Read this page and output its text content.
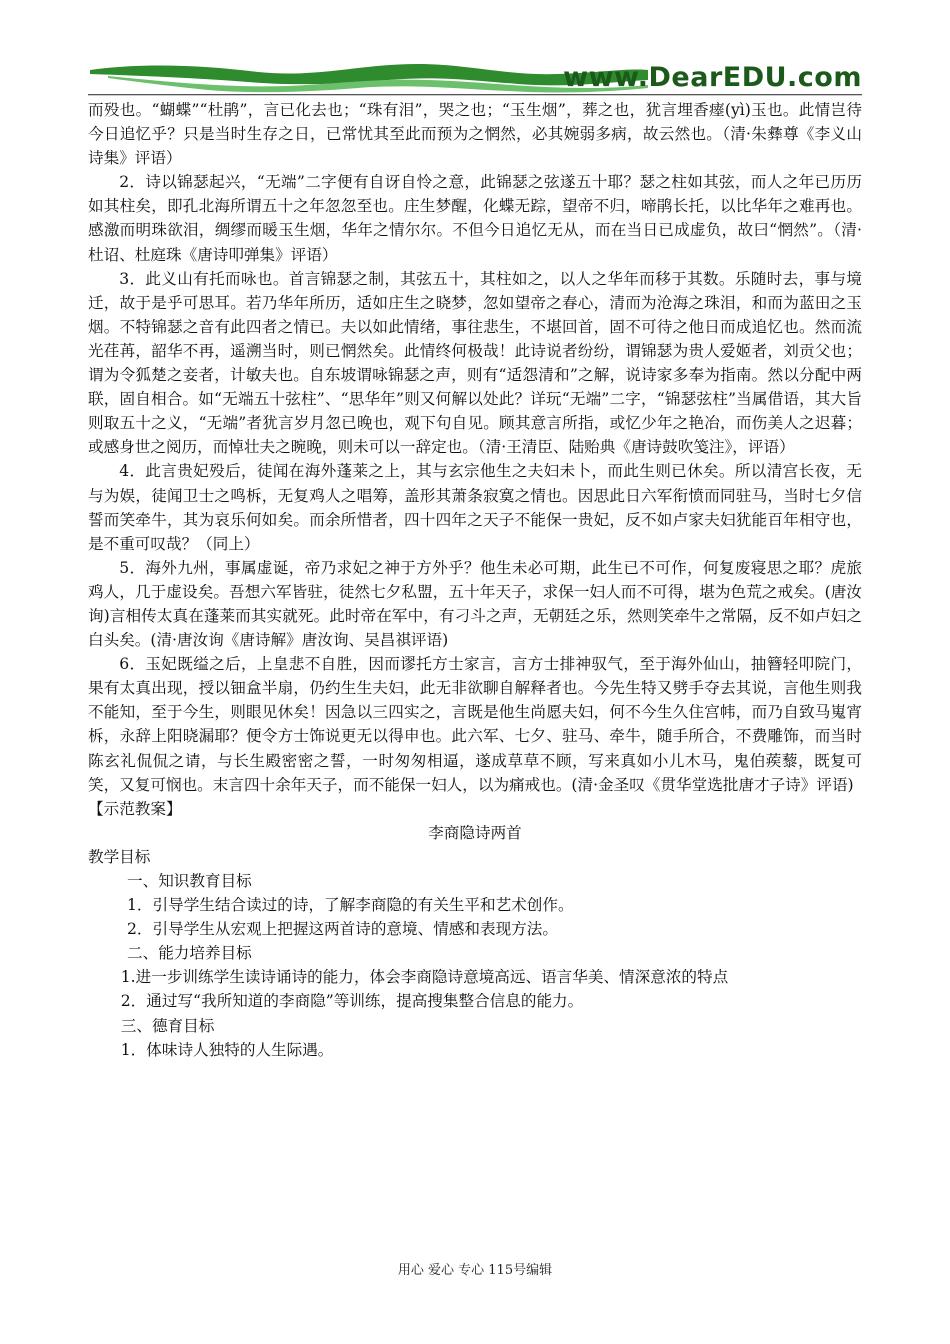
www.DearEDU.com

而殁也。“蝴蝶”“杜鹃”，言已化去也；“珠有泪”，哭之也；“玉生烟”，葬之也，犹言埋香瘗(yì)玉也。此情岂待今日追忆乎？只是当时生存之日，已常忧其至此而预为之惘然，必其婉弱多病，故云然也。（清·朱彝尊《李义山诗集》评语）

2．诗以锦瑟起兴，“无端”二字便有自讶自怜之意，此锦瑟之弦遂五十耶？瑟之柱如其弦，而人之年已历历如其柱矣，即孔北海所谓五十之年忽忽至也。庄生梦醒，化蝶无踪，望帝不归，啼鹃长托，以比华年之难再也。感激而明珠欲泪，绸缪而暖玉生烟，华年之情尔尔。不但今日追忆无从，而在当日已成虚负，故曰“惘然”。（清·杜诏、杜庭珠《唐诗叩弹集》评语）

3．此义山有托而咏也。首言锦瑟之制，其弦五十，其柱如之，以人之华年而移于其数。乐随时去，事与境迁，故于是乎可思耳。若乃华年所历，适如庄生之晓梦，忽如望帝之春心，清而为沧海之珠泪，和而为蓝田之玉烟。不特锦瑟之音有此四者之情已。夫以如此情绪，事往悲生，不堪回首，固不可待之他日而成追忆也。然而流光荏苒，韶华不再，遥溯当时，则已惘然矣。此情终何极哉！此诗说者纷纷，谓锦瑟为贵人爱姬者，刘贡父也；谓为令狐楚之妾者，计敏夫也。自东坡谓咏锦瑟之声，则有“适怨清和”之解，说诗家多奉为指南。然以分配中两联，固自相合。如“无端五十弦柱”、“思华年”则又何解以处此？详玩“无端”二字，“锦瑟弦柱”当属借语，其大旨则取五十之义，“无端”者犹言岁月忽已晚也，观下句自见。顾其意言所指，或忆少年之艳冶，而伤美人之迟暮；或感身世之阅历，而悼壮夫之晼晚，则未可以一辞定也。（清·王清臣、陆贻典《唐诗鼓吹笺注》，评语）

4．此言贵妃殁后，徒闻在海外蓬莱之上，其与玄宗他生之夫妇未卜，而此生则已休矣。所以清宫长夜，无与为娱，徒闻卫士之鸣柝，无复鸡人之唱筹，盖形其萧条寂寞之情也。因思此日六军衔愤而同驻马，当时七夕信誓而笑牵牛，其为哀乐何如矣。而余所惜者，四十四年之天子不能保一贵妃，反不如卢家夫妇犹能百年相守也，是不重可叹哉？（同上）

5．海外九州，事属虚诞，帝乃求妃之神于方外乎？他生未必可期，此生已不可作，何复废寝思之耶？虎旅鸡人，几于虚设矣。吾想六军皆驻，徒然七夕私盟，五十年天子，求保一妇人而不可得，堪为色荒之戒矣。(唐汝询)言相传太真在蓬莱而其实就死。此时帝在军中，有刁斗之声，无朝廷之乐，然则笑牵牛之常隔，反不如卢妇之白头矣。(清·唐汝询《唐诗解》唐汝询、吴昌祺评语)

6．玉妃既缢之后，上皇悲不自胜，因而谬托方士家言，言方士排神驭气，至于海外仙山，抽簪轻叩院门，果有太真出现，授以钿盒半扇，仍约生生夫妇，此无非欲聊自解释者也。今先生特又劈手夺去其说，言他生则我不能知，至于今生，则眼见休矣！因急以三四实之，言既是他生尚愿夫妇，何不今生久住宫帏，而乃自致马嵬宵柝，永辞上阳晓漏耶？便令方士饰说更无以得申也。此六军、七夕、驻马、牵牛，随手所合，不费雕饰，而当时陈玄礼侃侃之请，与长生殿密密之誓，一时匆匆相逼，遂成草草不顾，写来真如小儿木马，鬼伯蒺藜，既复可笑，又复可悯也。末言四十余年天子，而不能保一妇人，以为痛戒也。(清·金圣叹《贯华堂选批唐才子诗》评语)

【示范教案】

李商隐诗两首

教学目标

一、知识教育目标

1．引导学生结合读过的诗，了解李商隐的有关生平和艺术创作。

2．引导学生从宏观上把握这两首诗的意境、情感和表现方法。

二、能力培养目标

1.进一步训练学生读诗诵诗的能力，体会李商隐诗意境高远、语言华美、情深意浓的特点

2．通过写“我所知道的李商隐”等训练，提高搜集整合信息的能力。

三、德育目标

1．体味诗人独特的人生际遇。

用心 爱心 专心 115号编辑
